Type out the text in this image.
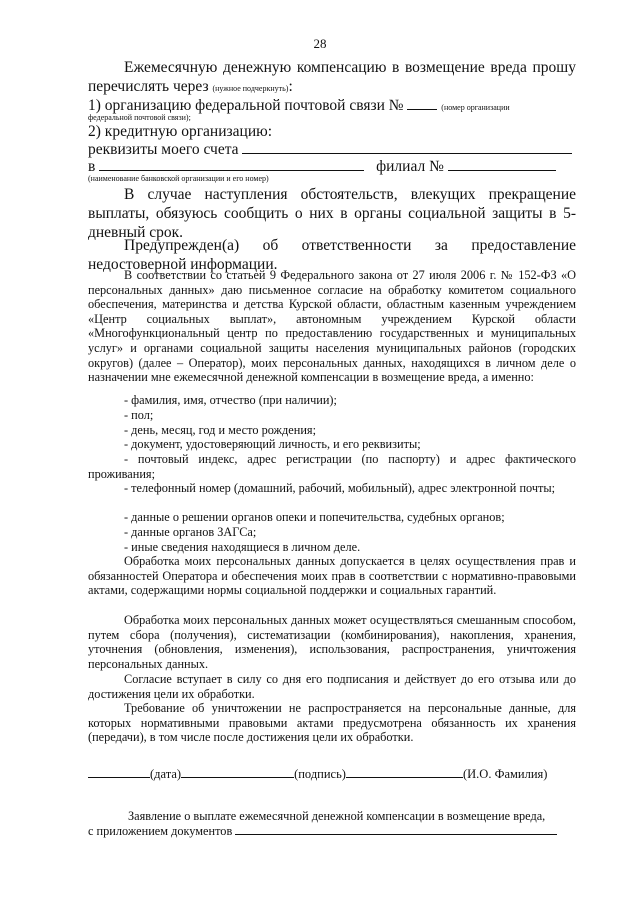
28
Ежемесячную денежную компенсацию в возмещение вреда прошу
перечислять через (нужное подчеркнуть):
1) организацию федеральной почтовой связи №	(номер организации
федеральной почтовой связи);
2) кредитную организацию:
реквизиты моего счета
в	филиал №
(наименование банковской организации и его номер)
В случае наступления обстоятельств, влекущих прекращение выплаты, обязуюсь сообщить о них в органы социальной защиты в 5-дневный срок.
Предупрежден(а) об ответственности за предоставление недостоверной информации.
В соответствии со статьей 9 Федерального закона от 27 июля 2006 г. № 152-ФЗ «О персональных данных» даю письменное согласие на обработку комитетом социального обеспечения, материнства и детства Курской области, областным казенным учреждением «Центр социальных выплат», автономным учреждением Курской области «Многофункциональный центр по предоставлению государственных и муниципальных услуг» и органами социальной защиты населения муниципальных районов (городских округов) (далее – Оператор), моих персональных данных, находящихся в личном деле о назначении мне ежемесячной денежной компенсации в возмещение вреда, а именно:
- фамилия, имя, отчество (при наличии);
- пол;
- день, месяц, год и место рождения;
- документ, удостоверяющий личность, и его реквизиты;
- почтовый индекс, адрес регистрации (по паспорту) и адрес фактического проживания;
- телефонный номер (домашний, рабочий, мобильный), адрес электронной почты;
- данные о решении органов опеки и попечительства, судебных органов;
- данные органов ЗАГСа;
- иные сведения находящиеся в личном деле.
Обработка моих персональных данных допускается в целях осуществления прав и обязанностей Оператора и обеспечения моих прав в соответствии с нормативно-правовыми актами, содержащими нормы социальной поддержки и социальных гарантий.
Обработка моих персональных данных может осуществляться смешанным способом, путем сбора (получения), систематизации (комбинирования), накопления, хранения, уточнения (обновления, изменения), использования, распространения, уничтожения персональных данных.
Согласие вступает в силу со дня его подписания и действует до его отзыва или до достижения цели их обработки.
Требование об уничтожении не распространяется на персональные данные, для которых нормативными правовыми актами предусмотрена обязанность их хранения (передачи), в том числе после достижения цели их обработки.
(дата)	(подпись)	(И.О. Фамилия)
Заявление о выплате ежемесячной денежной компенсации в возмещение вреда,
с приложением документов
